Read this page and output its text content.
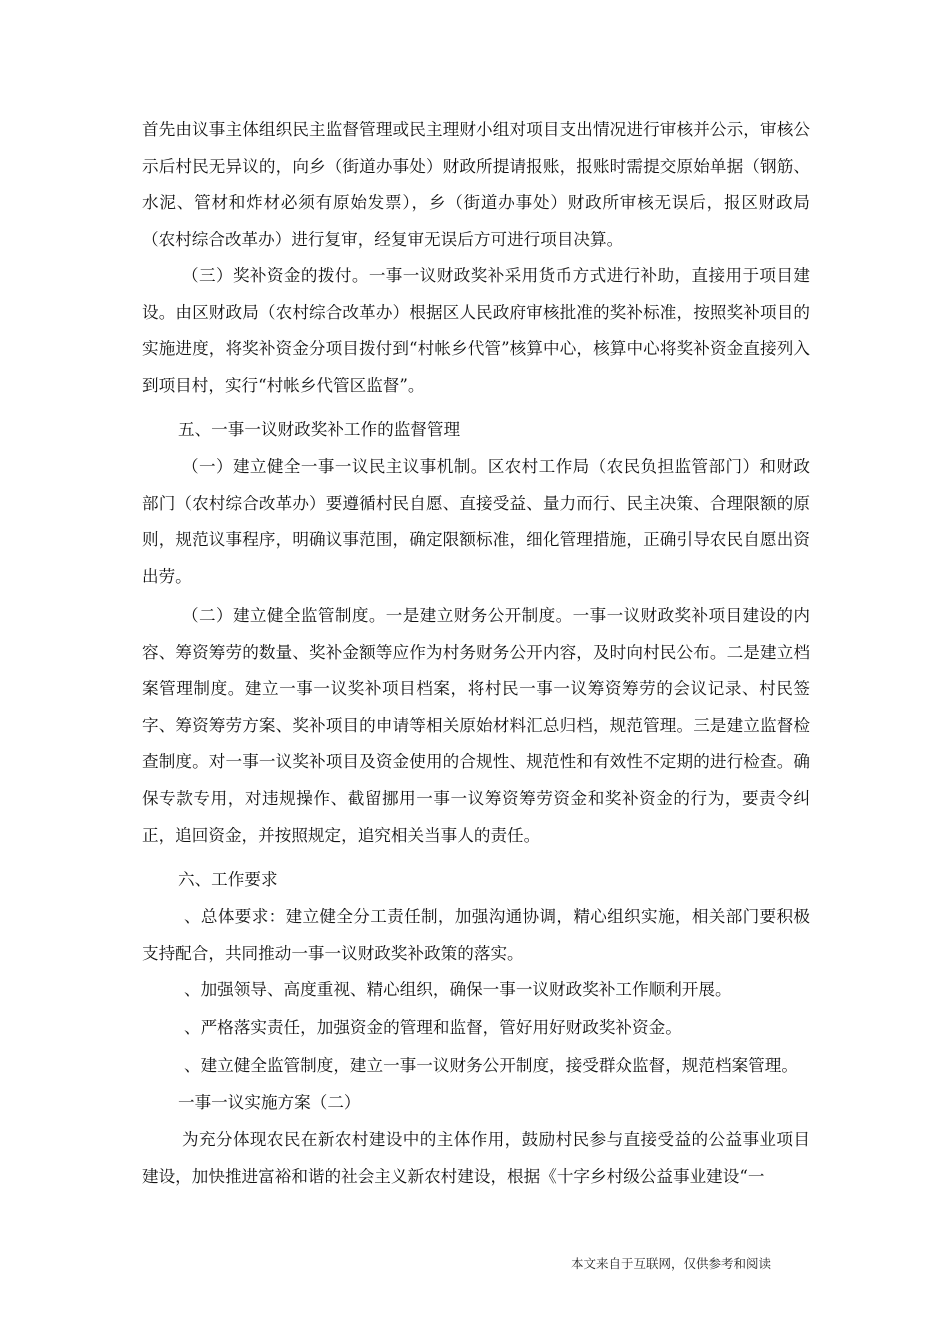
首先由议事主体组织民主监督管理或民主理财小组对项目支出情况进行审核并公示，审核公示后村民无异议的，向乡（街道办事处）财政所提请报账，报账时需提交原始单据（钢筋、水泥、管材和炸材必须有原始发票），乡（街道办事处）财政所审核无误后，报区财政局（农村综合改革办）进行复审，经复审无误后方可进行项目决算。

（三）奖补资金的拨付。一事一议财政奖补采用货币方式进行补助，直接用于项目建设。由区财政局（农村综合改革办）根据区人民政府审核批准的奖补标准，按照奖补项目的实施进度，将奖补资金分项目拨付到“村帐乡代管”核算中心，核算中心将奖补资金直接列入到项目村，实行“村帐乡代管区监督”。

五、一事一议财政奖补工作的监督管理

（一）建立健全一事一议民主议事机制。区农村工作局（农民负担监管部门）和财政部门（农村综合改革办）要遵循村民自愿、直接受益、量力而行、民主决策、合理限额的原则，规范议事程序，明确议事范围，确定限额标准，细化管理措施，正确引导农民自愿出资出劳。

（二）建立健全监管制度。一是建立财务公开制度。一事一议财政奖补项目建设的内容、筹资筹劳的数量、奖补金额等应作为村务财务公开内容，及时向村民公布。二是建立档案管理制度。建立一事一议奖补项目档案，将村民一事一议筹资筹劳的会议记录、村民签字、筹资筹劳方案、奖补项目的申请等相关原始材料汇总归档，规范管理。三是建立监督检查制度。对一事一议奖补项目及资金使用的合规性、规范性和有效性不定期的进行检查。确保专款专用，对违规操作、截留挪用一事一议筹资筹劳资金和奖补资金的行为，要责令纠正，追回资金，并按照规定，追究相关当事人的责任。

六、工作要求

、总体要求：建立健全分工责任制，加强沟通协调，精心组织实施，相关部门要积极支持配合，共同推动一事一议财政奖补政策的落实。

、加强领导、高度重视、精心组织，确保一事一议财政奖补工作顺利开展。

、严格落实责任，加强资金的管理和监督，管好用好财政奖补资金。

、建立健全监管制度，建立一事一议财务公开制度，接受群众监督，规范档案管理。

一事一议实施方案（二）

为充分体现农民在新农村建设中的主体作用，鼓励村民参与直接受益的公益事业项目建设，加快推进富裕和谐的社会主义新农村建设，根据《十字乡村级公益事业建设“一

本文来自于互联网，仅供参考和阅读
